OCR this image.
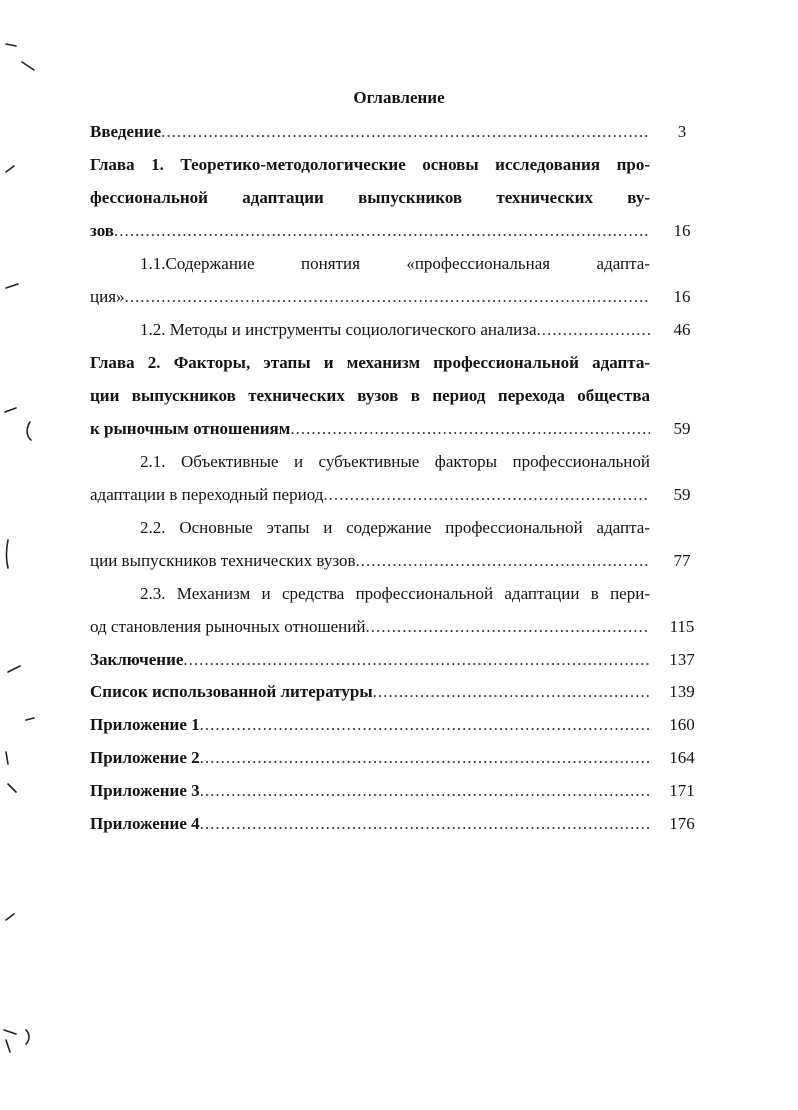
Оглавление
Введение .....	3
Глава 1. Теоретико-методологические основы исследования про-
фессиональной адаптации выпускников технических ву-
зов .....	16
1.1.Содержание понятия «профессиональная адапта-
ция» .....	16
1.2. Методы и инструменты социологического анализа .....	46
Глава 2. Факторы, этапы и механизм профессиональной адапта-
ции выпускников технических вузов в период перехода общества
к рыночным отношениям .....	59
2.1. Объективные и субъективные факторы профессиональной
адаптации в переходный период .....	59
2.2. Основные этапы и содержание профессиональной адапта-
ции выпускников технических вузов .....	77
2.3. Механизм и средства профессиональной адаптации в пери-
од становления рыночных отношений .....	115
Заключение .....	137
Список использованной литературы .....	139
Приложение 1 .....	160
Приложение 2 .....	164
Приложение 3 .....	171
Приложение 4 .....	176
